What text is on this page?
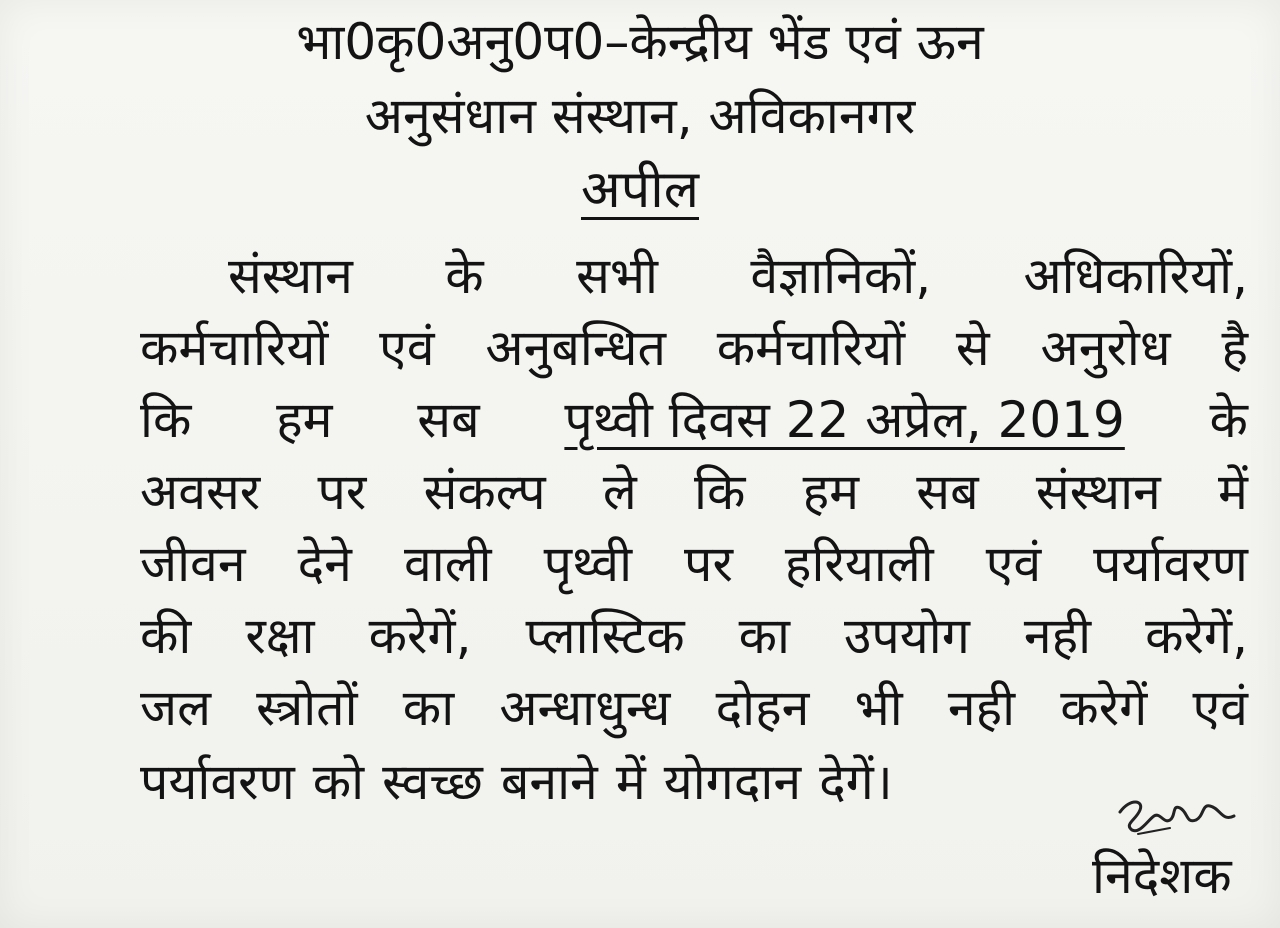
भा0कृ0अनु0प0–केन्द्रीय भेंड एवं ऊन
अनुसंधान संस्थान, अविकानगर
अपील
संस्थान के सभी वैज्ञानिकों, अधिकारियों,
कर्मचारियों एवं अनुबन्धित कर्मचारियों से अनुरोध है
कि हम सब पृथ्वी दिवस 22 अप्रेल, 2019 के
अवसर पर संकल्प ले कि हम सब संस्थान में
जीवन देने वाली पृथ्वी पर हरियाली एवं पर्यावरण
की रक्षा करेगें, प्लास्टिक का उपयोग नही करेगें,
जल स्त्रोतों का अन्धाधुन्ध दोहन भी नही करेगें एवं
पर्यावरण को स्वच्छ बनाने में योगदान देगें।
निदेशक
